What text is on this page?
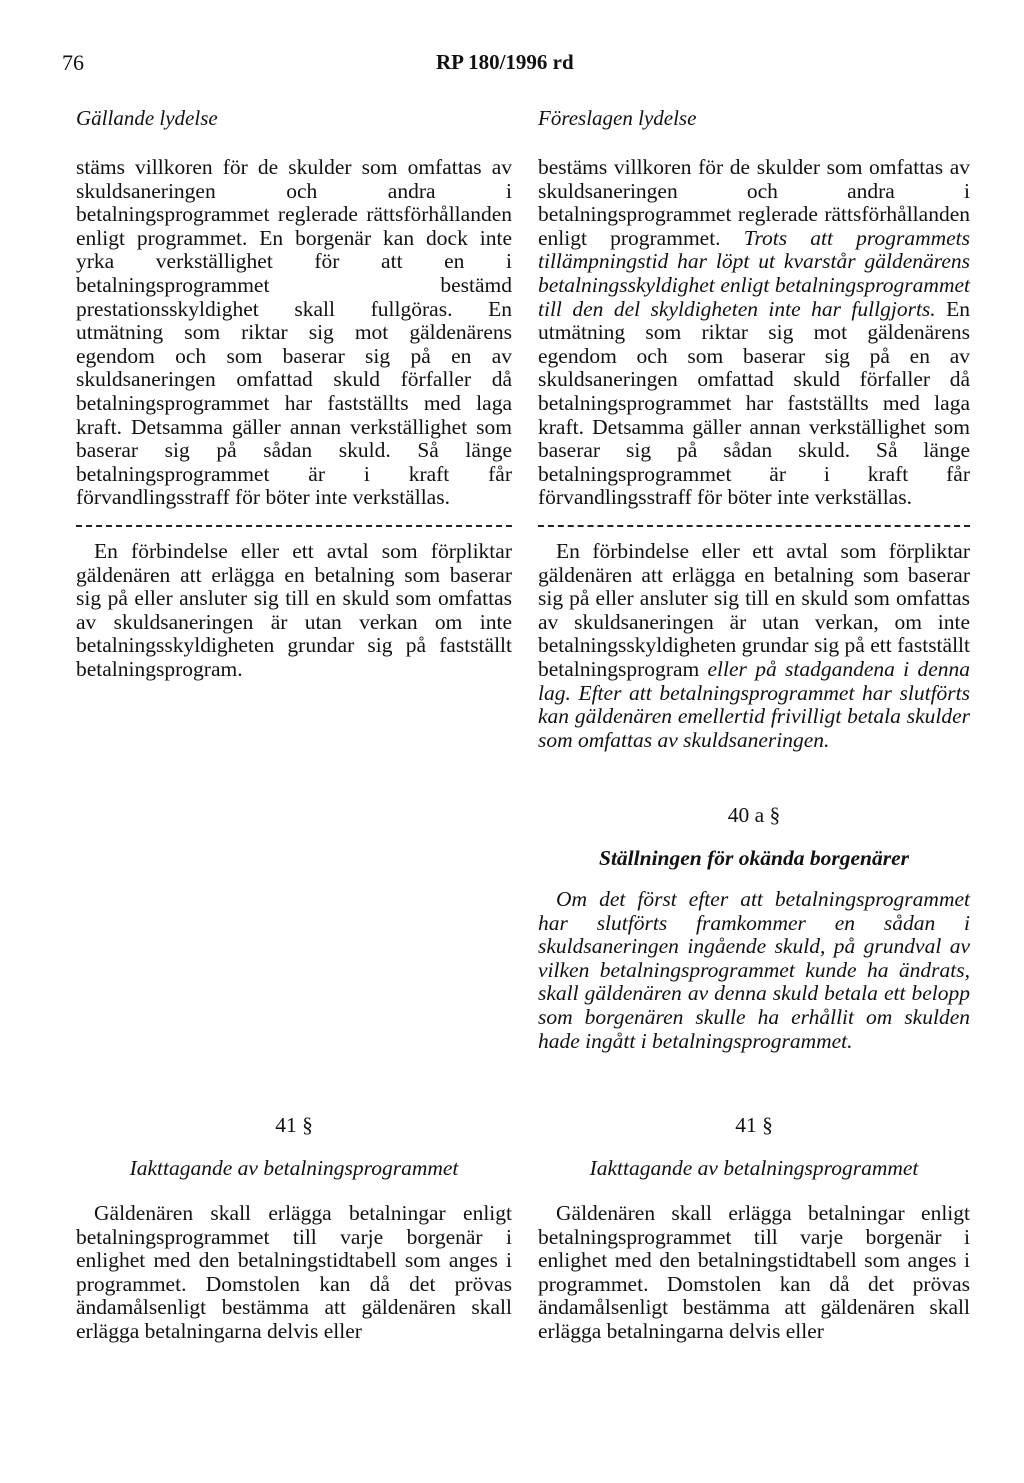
76	RP 180/1996 rd
Gällande lydelse	Föreslagen lydelse

stäms villkoren för de skulder som omfattas av skuldsaneringen och andra i betalningsprogrammet reglerade rättsförhållanden enligt programmet. En borgenär kan dock inte yrka verkställighet för att en i betalningsprogrammet bestämd prestationsskyldighet skall fullgöras. En utmätning som riktar sig mot gäldenärens egendom och som baserar sig på en av skuldsaneringen omfattad skuld förfaller då betalningsprogrammet har fastställts med laga kraft. Detsamma gäller annan verkställighet som baserar sig på sådan skuld. Så länge betalningsprogrammet är i kraft får förvandlingsstraff för böter inte verkställas.

En förbindelse eller ett avtal som förpliktar gäldenären att erlägga en betalning som baserar sig på eller ansluter sig till en skuld som omfattas av skuldsaneringen är utan verkan om inte betalningsskyldigheten grundar sig på fastställt betalningsprogram.

41 §
Iakttagande av betalningsprogrammet

Gäldenären skall erlägga betalningar enligt betalningsprogrammet till varje borgenär i enlighet med den betalningstidtabell som anges i programmet. Domstolen kan då det prövas ändamålsenligt bestämma att gäldenären skall erlägga betalningarna delvis eller

bestäms villkoren för de skulder som omfattas av skuldsaneringen och andra i betalningsprogrammet reglerade rättsförhållanden enligt programmet. Trots att programmets tillämpningstid har löpt ut kvarstår gäldenärens betalningsskyldighet enligt betalningsprogrammet till den del skyldigheten inte har fullgjorts. En utmätning som riktar sig mot gäldenärens egendom och som baserar sig på en av skuldsaneringen omfattad skuld förfaller då betalningsprogrammet har fastställts med laga kraft. Detsamma gäller annan verkställighet som baserar sig på sådan skuld. Så länge betalningsprogrammet är i kraft får förvandlingsstraff för böter inte verkställas.

En förbindelse eller ett avtal som förpliktar gäldenären att erlägga en betalning som baserar sig på eller ansluter sig till en skuld som omfattas av skuldsaneringen är utan verkan, om inte betalningsskyldigheten grundar sig på ett fastställt betalningsprogram eller på stadgandena i denna lag. Efter att betalningsprogrammet har slutförts kan gäldenären emellertid frivilligt betala skulder som omfattas av skuldsaneringen.

40 a §
Ställningen för okända borgenärer

Om det först efter att betalningsprogrammet har slutförts framkommer en sådan i skuldsaneringen ingående skuld, på grundval av vilken betalningsprogrammet kunde ha ändrats, skall gäldenären av denna skuld betala ett belopp som borgenären skulle ha erhållit om skulden hade ingått i betalningsprogrammet.

41 §
Iakttagande av betalningsprogrammet

Gäldenären skall erlägga betalningar enligt betalningsprogrammet till varje borgenär i enlighet med den betalningstidtabell som anges i programmet. Domstolen kan då det prövas ändamålsenligt bestämma att gäldenären skall erlägga betalningarna delvis eller
